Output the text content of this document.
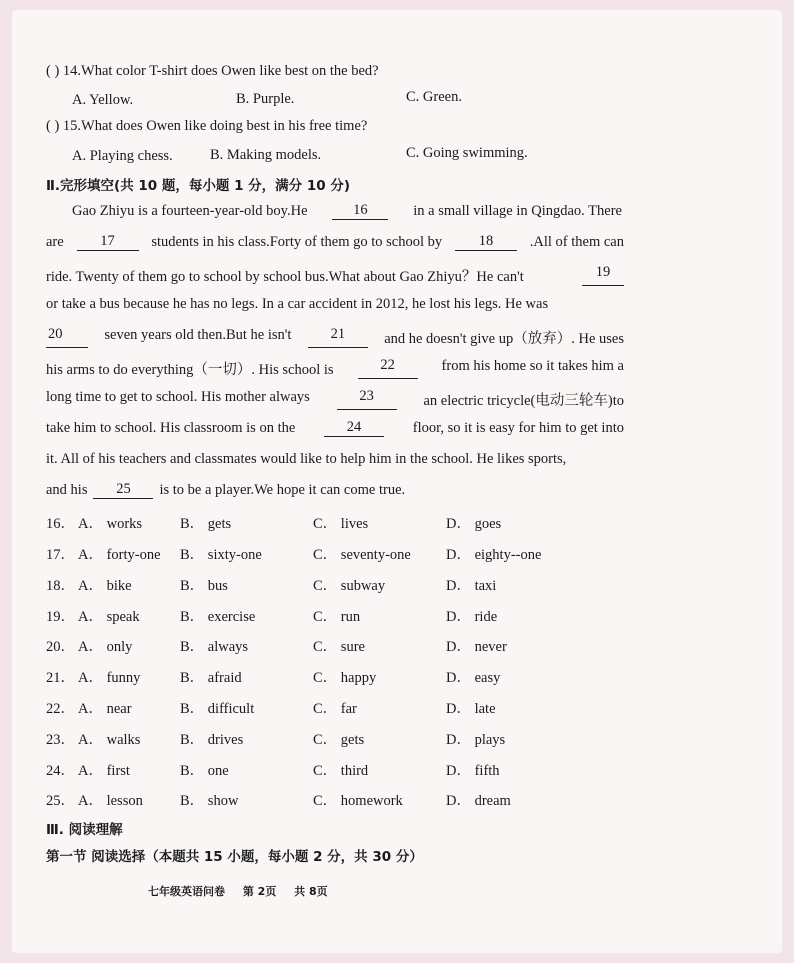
( ) 14.What color T-shirt does Owen like best on the bed?
A. Yellow.	B. Purple.	C. Green.
( ) 15.What does Owen like doing best in his free time?
A. Playing chess.	B. Making models.	C. Going swimming.
Ⅱ.完形填空(共 10 题，每小题 1 分，满分 10 分)
Gao Zhiyu is a fourteen-year-old boy.He	16	in a small village in Qingdao. There
are	17	students in his class.Forty of them go to school by	18	.All of them can
ride. Twenty of them go to school by school bus.What about Gao Zhiyu？He can't	19
or take a bus because he has no legs. In a car accident in 2012, he lost his legs. He was
20	seven years old then.But he isn't	21	and he doesn't give up（放弃）. He uses
his arms to do everything（一切）. His school is	22	from his home so it takes him a
long time to get to school. His mother always	23	an electric tricycle(电动三轮车)to
take him to school. His classroom is on the	24	floor, so it is easy for him to get into
it. All of his teachers and classmates would like to help him in the school. He likes sports,
and his	25	is to be a player.We hope it can come true.
16． A． works	B． gets	C． lives	D． goes
17． A． forty-one B． sixty-one	C． seventy-one D． eighty--one
18． A． bike	B． bus	C． subway	D． taxi
19． A． speak	B． exercise	C． run	D． ride
20． A． only	B． always	C． sure	D． never
21． A． funny	B． afraid	C． happy	D． easy
22． A． near	B． difficult	C． far	D． late
23． A． walks	B． drives	C． gets	D． plays
24． A． first	B． one	C． third	D． fifth
25． A． lesson	B． show	C． homework	D． dream
Ⅲ. 阅读理解
第一节 阅读选择（本题共 15 小题，每小题 2 分，共 30 分）
七年级英语问卷 第 2页 共 8页
